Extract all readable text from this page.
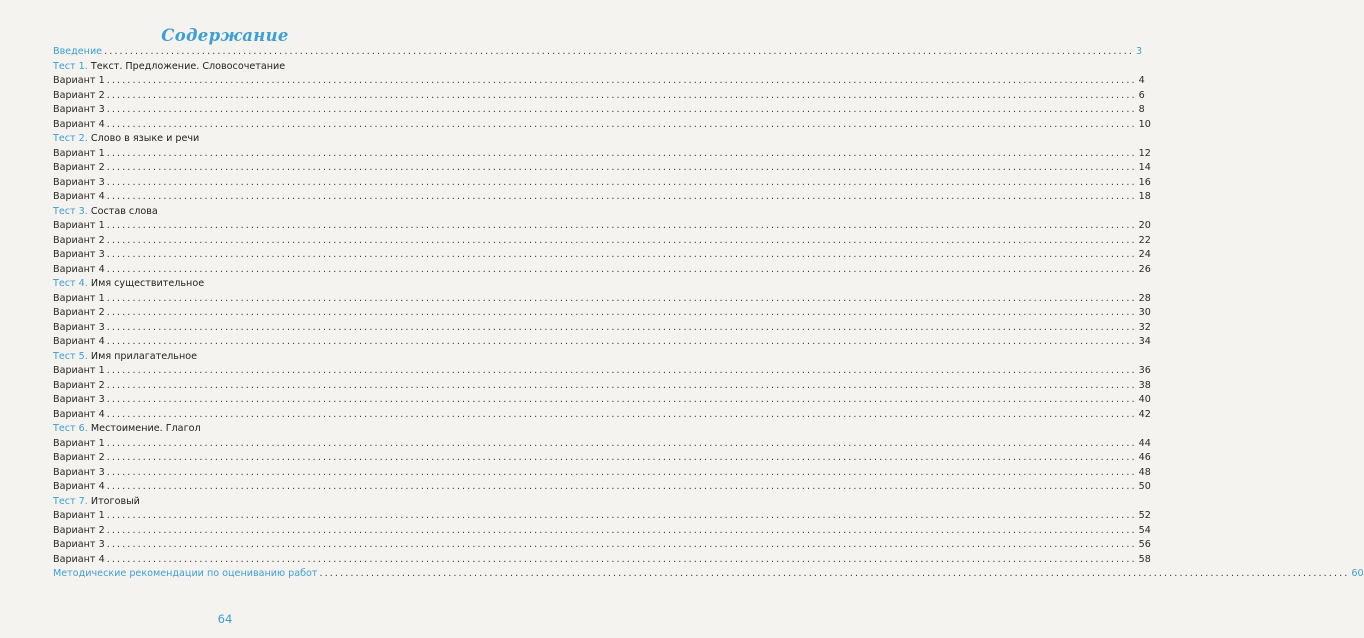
Содержание
Введение ........................................................................................................................................................................................................ 3
Тест 1. Текст. Предложение. Словосочетание
Вариант 1 ........................................................................................................................................................................................................ 4
Вариант 2 ........................................................................................................................................................................................................ 6
Вариант 3 ........................................................................................................................................................................................................ 8
Вариант 4 ........................................................................................................................................................................................................ 10
Тест 2. Слово в языке и речи
Вариант 1 ........................................................................................................................................................................................................ 12
Вариант 2 ........................................................................................................................................................................................................ 14
Вариант 3 ........................................................................................................................................................................................................ 16
Вариант 4 ........................................................................................................................................................................................................ 18
Тест 3. Состав слова
Вариант 1 ........................................................................................................................................................................................................ 20
Вариант 2 ........................................................................................................................................................................................................ 22
Вариант 3 ........................................................................................................................................................................................................ 24
Вариант 4 ........................................................................................................................................................................................................ 26
Тест 4. Имя существительное
Вариант 1 ........................................................................................................................................................................................................ 28
Вариант 2 ........................................................................................................................................................................................................ 30
Вариант 3 ........................................................................................................................................................................................................ 32
Вариант 4 ........................................................................................................................................................................................................ 34
Тест 5. Имя прилагательное
Вариант 1 ........................................................................................................................................................................................................ 36
Вариант 2 ........................................................................................................................................................................................................ 38
Вариант 3 ........................................................................................................................................................................................................ 40
Вариант 4 ........................................................................................................................................................................................................ 42
Тест 6. Местоимение. Глагол
Вариант 1 ........................................................................................................................................................................................................ 44
Вариант 2 ........................................................................................................................................................................................................ 46
Вариант 3 ........................................................................................................................................................................................................ 48
Вариант 4 ........................................................................................................................................................................................................ 50
Тест 7. Итоговый
Вариант 1 ........................................................................................................................................................................................................ 52
Вариант 2 ........................................................................................................................................................................................................ 54
Вариант 3 ........................................................................................................................................................................................................ 56
Вариант 4 ........................................................................................................................................................................................................ 58
Методические рекомендации по оцениванию работ ........................................................................................................................................................................................................ 60
64
